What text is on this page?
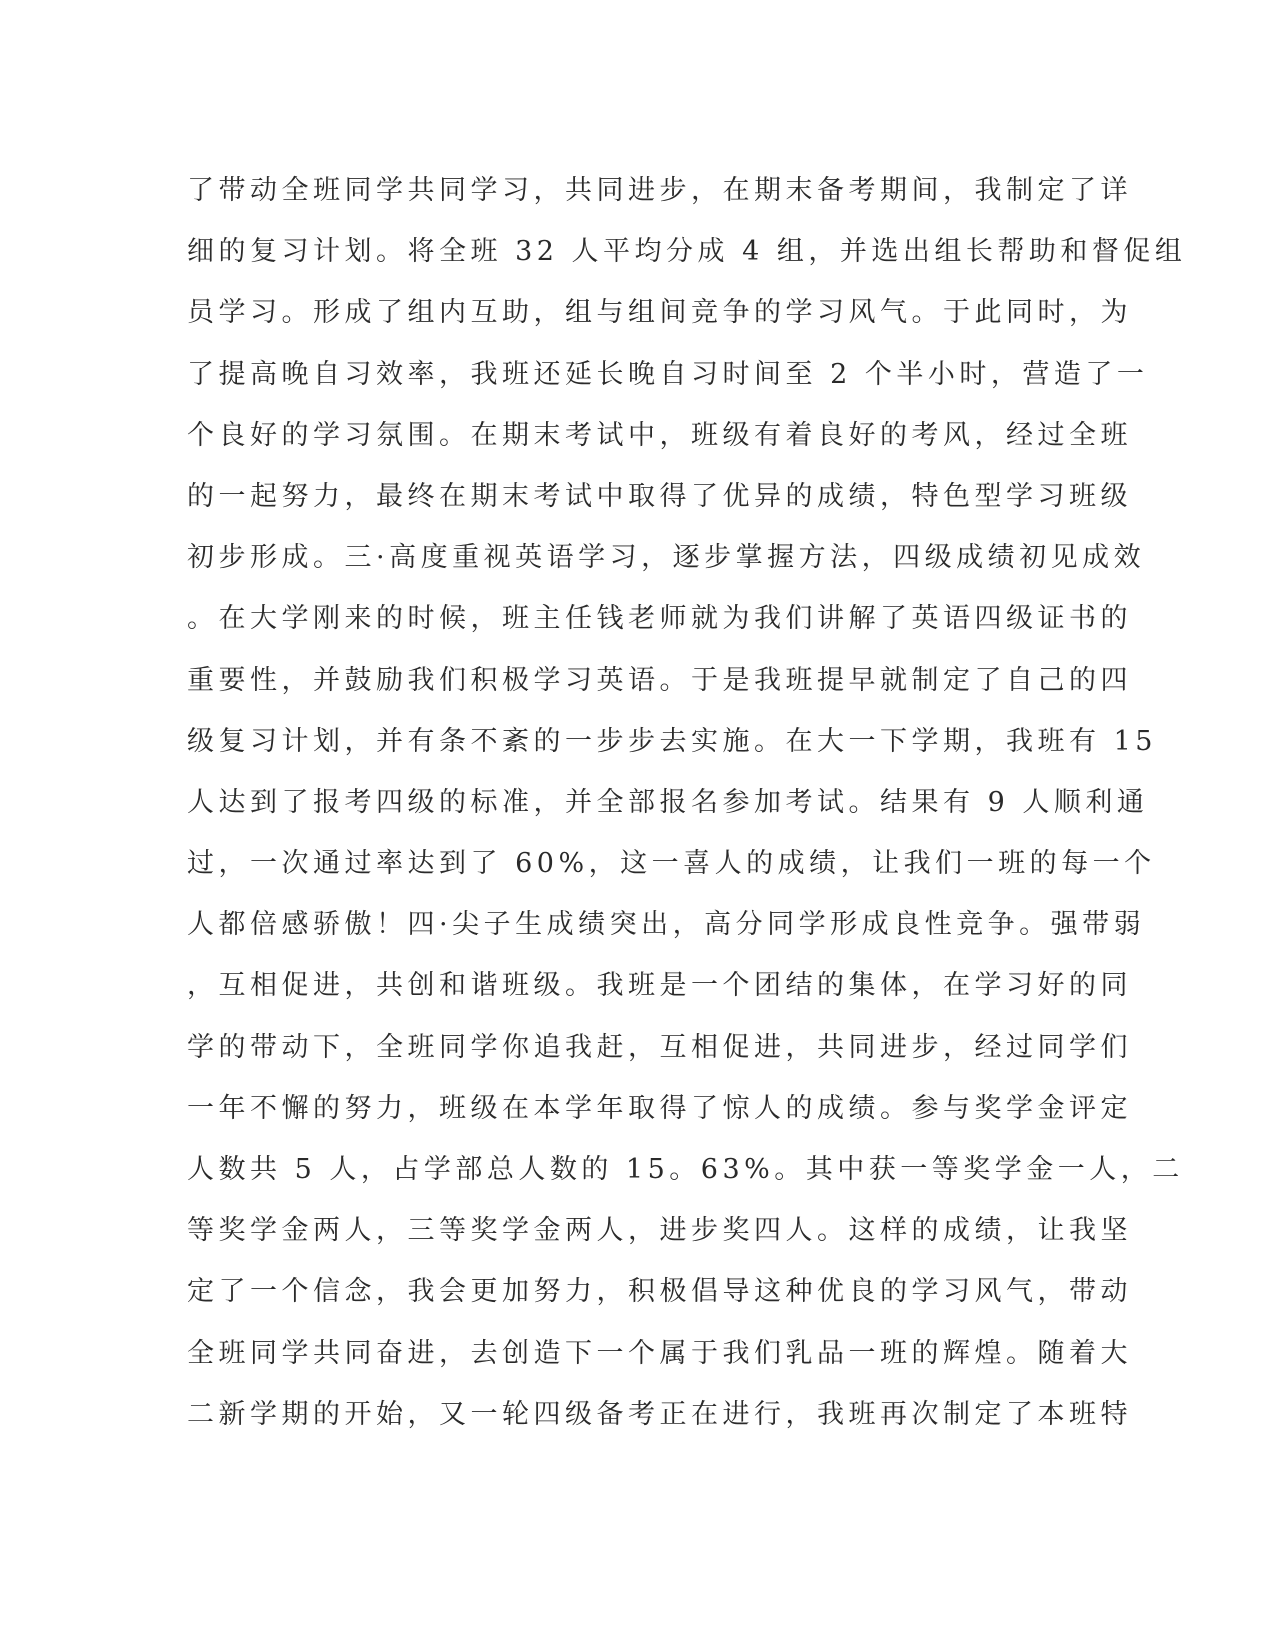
了带动全班同学共同学习，共同进步，在期末备考期间，我制定了详
细的复习计划。将全班 32 人平均分成 4 组，并选出组长帮助和督促组
员学习。形成了组内互助，组与组间竞争的学习风气。于此同时，为
了提高晚自习效率，我班还延长晚自习时间至 2 个半小时，营造了一
个良好的学习氛围。在期末考试中，班级有着良好的考风，经过全班
的一起努力，最终在期末考试中取得了优异的成绩，特色型学习班级
初步形成。三·高度重视英语学习，逐步掌握方法，四级成绩初见成效
。在大学刚来的时候，班主任钱老师就为我们讲解了英语四级证书的
重要性，并鼓励我们积极学习英语。于是我班提早就制定了自己的四
级复习计划，并有条不紊的一步步去实施。在大一下学期，我班有 15
人达到了报考四级的标准，并全部报名参加考试。结果有 9 人顺利通
过，一次通过率达到了 60%，这一喜人的成绩，让我们一班的每一个
人都倍感骄傲！四·尖子生成绩突出，高分同学形成良性竞争。强带弱
，互相促进，共创和谐班级。我班是一个团结的集体，在学习好的同
学的带动下，全班同学你追我赶，互相促进，共同进步，经过同学们
一年不懈的努力，班级在本学年取得了惊人的成绩。参与奖学金评定
人数共 5 人，占学部总人数的 15。63%。其中获一等奖学金一人，二
等奖学金两人，三等奖学金两人，进步奖四人。这样的成绩，让我坚
定了一个信念，我会更加努力，积极倡导这种优良的学习风气，带动
全班同学共同奋进，去创造下一个属于我们乳品一班的辉煌。随着大
二新学期的开始，又一轮四级备考正在进行，我班再次制定了本班特
